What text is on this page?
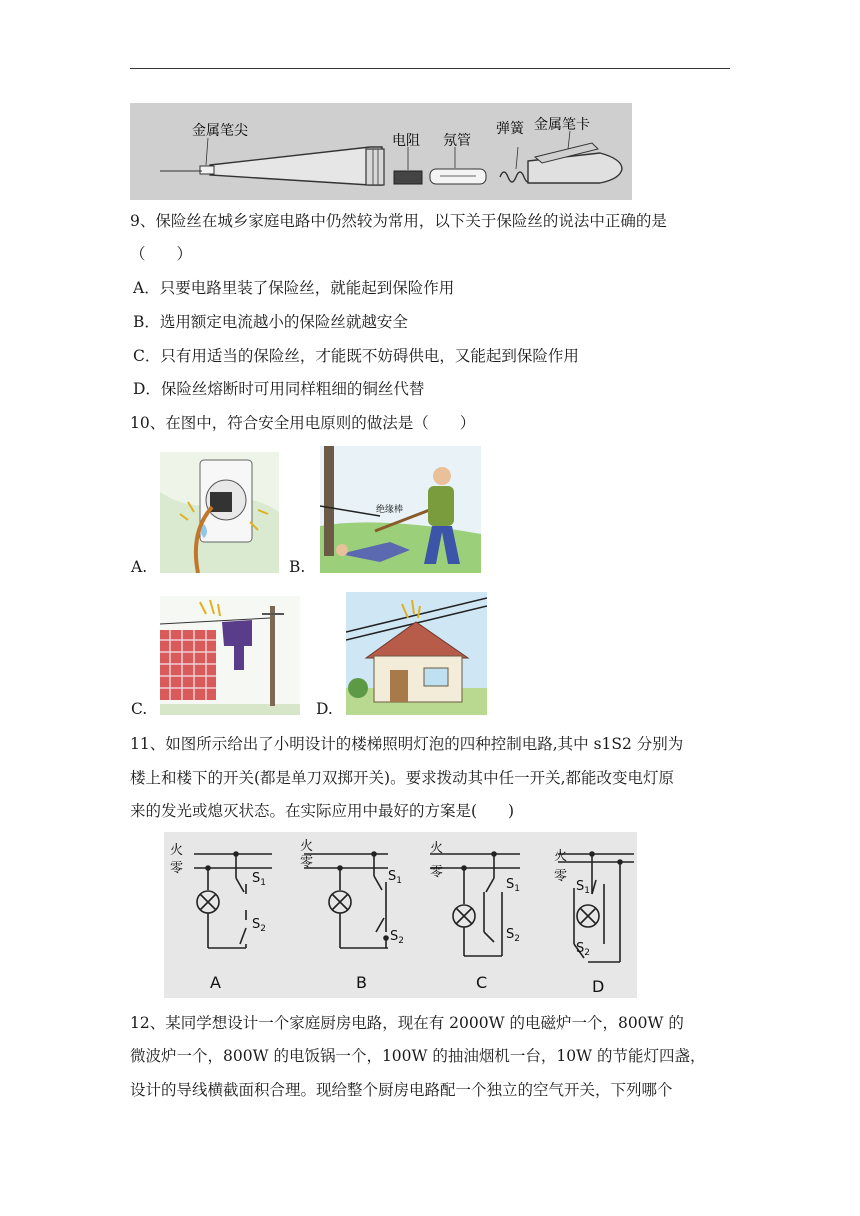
金属笔尖
电阻 氖管
弹簧 金属笔卡
9、保险丝在城乡家庭电路中仍然较为常用，以下关于保险丝的说法中正确的是
（　　）
A．只要电路里装了保险丝，就能起到保险作用
B．选用额定电流越小的保险丝就越安全
C．只有用适当的保险丝，才能既不妨碍供电，又能起到保险作用
D．保险丝熔断时可用同样粗细的铜丝代替
10、在图中，符合安全用电原则的做法是（　　）
A.	B.
绝缘棒
C.	D.
11、如图所示给出了小明设计的楼梯照明灯泡的四种控制电路,其中 s1S2 分别为
楼上和楼下的开关(都是单刀双掷开关)。要求拨动其中任一开关,都能改变电灯原
来的发光或熄灭状态。在实际应用中最好的方案是(　　)
火
零
$S_1$
$S_2$
火
零
$S_1$
$S_2$
火
零
$S_1$
$S_2$
火
零
$S_1$
$S_2$
A	B	C	D
12、某同学想设计一个家庭厨房电路，现在有 2000W 的电磁炉一个，800W 的
微波炉一个，800W 的电饭锅一个，100W 的抽油烟机一台，10W 的节能灯四盏，
设计的导线横截面积合理。现给整个厨房电路配一个独立的空气开关，下列哪个
